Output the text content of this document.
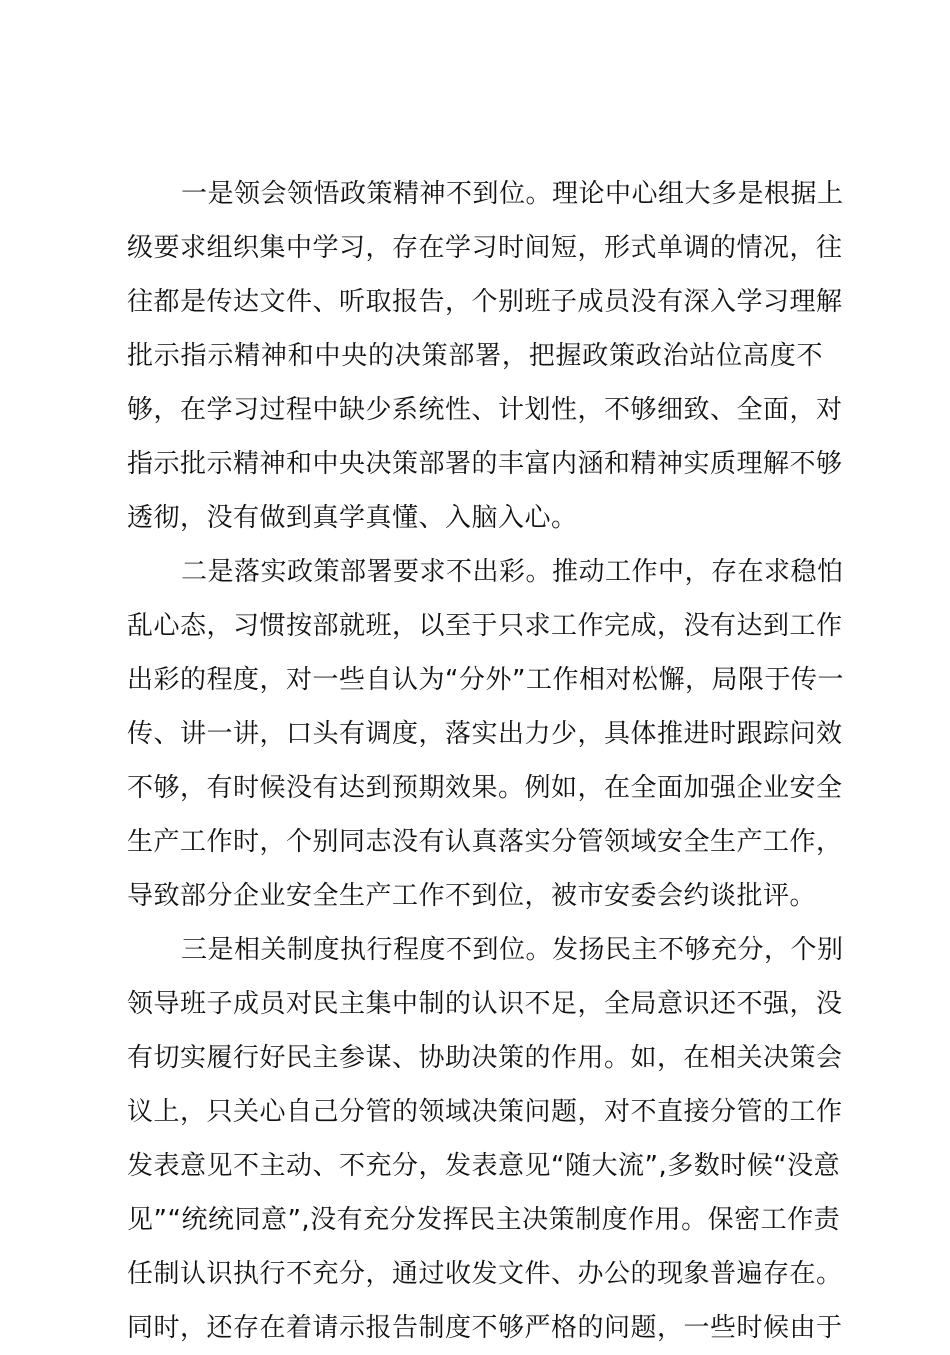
一是领会领悟政策精神不到位。理论中心组大多是根据上
级要求组织集中学习，存在学习时间短，形式单调的情况，往
往都是传达文件、听取报告，个别班子成员没有深入学习理解
批示指示精神和中央的决策部署，把握政策政治站位高度不
够，在学习过程中缺少系统性、计划性，不够细致、全面，对
指示批示精神和中央决策部署的丰富内涵和精神实质理解不够
透彻，没有做到真学真懂、入脑入心。
二是落实政策部署要求不出彩。推动工作中，存在求稳怕
乱心态，习惯按部就班，以至于只求工作完成，没有达到工作
出彩的程度，对一些自认为“分外”工作相对松懈，局限于传一
传、讲一讲，口头有调度，落实出力少，具体推进时跟踪问效
不够，有时候没有达到预期效果。例如，在全面加强企业安全
生产工作时，个别同志没有认真落实分管领域安全生产工作，
导致部分企业安全生产工作不到位，被市安委会约谈批评。
三是相关制度执行程度不到位。发扬民主不够充分，个别
领导班子成员对民主集中制的认识不足，全局意识还不强，没
有切实履行好民主参谋、协助决策的作用。如，在相关决策会
议上，只关心自己分管的领域决策问题，对不直接分管的工作
发表意见不主动、不充分，发表意见“随大流”,多数时候“没意
见”“统统同意”,没有充分发挥民主决策制度作用。保密工作责
任制认识执行不充分，通过收发文件、办公的现象普遍存在。
同时，还存在着请示报告制度不够严格的问题，一些时候由于
